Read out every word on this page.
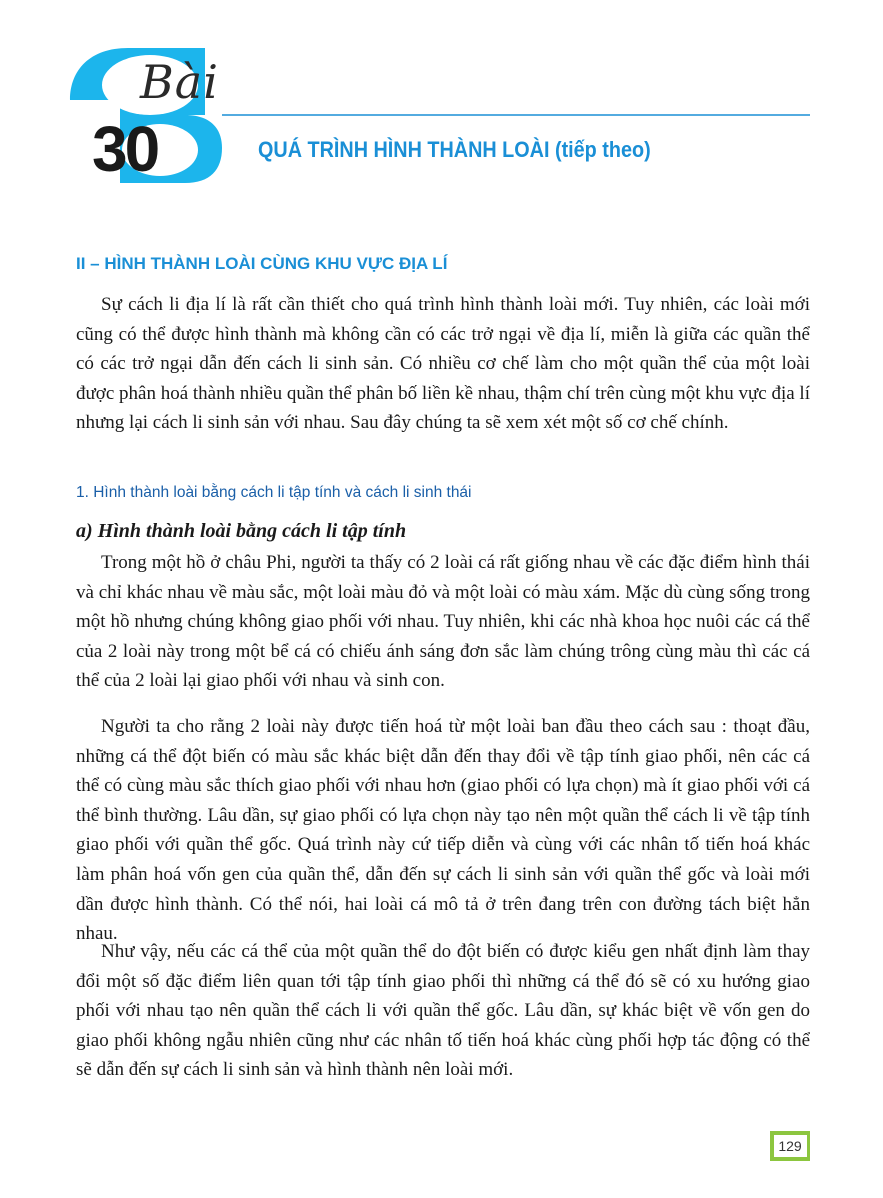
Bài
30	QUÁ TRÌNH HÌNH THÀNH LOÀI (tiếp theo)
II – HÌNH THÀNH LOÀI CÙNG KHU VỰC ĐỊA LÍ

Sự cách li địa lí là rất cần thiết cho quá trình hình thành loài mới. Tuy nhiên, các loài mới cũng có thể được hình thành mà không cần có các trở ngại về địa lí, miễn là giữa các quần thể có các trở ngại dẫn đến cách li sinh sản. Có nhiều cơ chế làm cho một quần thể của một loài được phân hoá thành nhiều quần thể phân bố liền kề nhau, thậm chí trên cùng một khu vực địa lí nhưng lại cách li sinh sản với nhau. Sau đây chúng ta sẽ xem xét một số cơ chế chính.

1. Hình thành loài bằng cách li tập tính và cách li sinh thái
a) Hình thành loài bằng cách li tập tính

Trong một hồ ở châu Phi, người ta thấy có 2 loài cá rất giống nhau về các đặc điểm hình thái và chỉ khác nhau về màu sắc, một loài màu đỏ và một loài có màu xám. Mặc dù cùng sống trong một hồ nhưng chúng không giao phối với nhau. Tuy nhiên, khi các nhà khoa học nuôi các cá thể của 2 loài này trong một bể cá có chiếu ánh sáng đơn sắc làm chúng trông cùng màu thì các cá thể của 2 loài lại giao phối với nhau và sinh con.

Người ta cho rằng 2 loài này được tiến hoá từ một loài ban đầu theo cách sau : thoạt đầu, những cá thể đột biến có màu sắc khác biệt dẫn đến thay đổi về tập tính giao phối, nên các cá thể có cùng màu sắc thích giao phối với nhau hơn (giao phối có lựa chọn) mà ít giao phối với cá thể bình thường. Lâu dần, sự giao phối có lựa chọn này tạo nên một quần thể cách li về tập tính giao phối với quần thể gốc. Quá trình này cứ tiếp diễn và cùng với các nhân tố tiến hoá khác làm phân hoá vốn gen của quần thể, dẫn đến sự cách li sinh sản với quần thể gốc và loài mới dần được hình thành. Có thể nói, hai loài cá mô tả ở trên đang trên con đường tách biệt hẳn nhau.

Như vậy, nếu các cá thể của một quần thể do đột biến có được kiểu gen nhất định làm thay đổi một số đặc điểm liên quan tới tập tính giao phối thì những cá thể đó sẽ có xu hướng giao phối với nhau tạo nên quần thể cách li với quần thể gốc. Lâu dần, sự khác biệt về vốn gen do giao phối không ngẫu nhiên cũng như các nhân tố tiến hoá khác cùng phối hợp tác động có thể sẽ dẫn đến sự cách li sinh sản và hình thành nên loài mới.

129
